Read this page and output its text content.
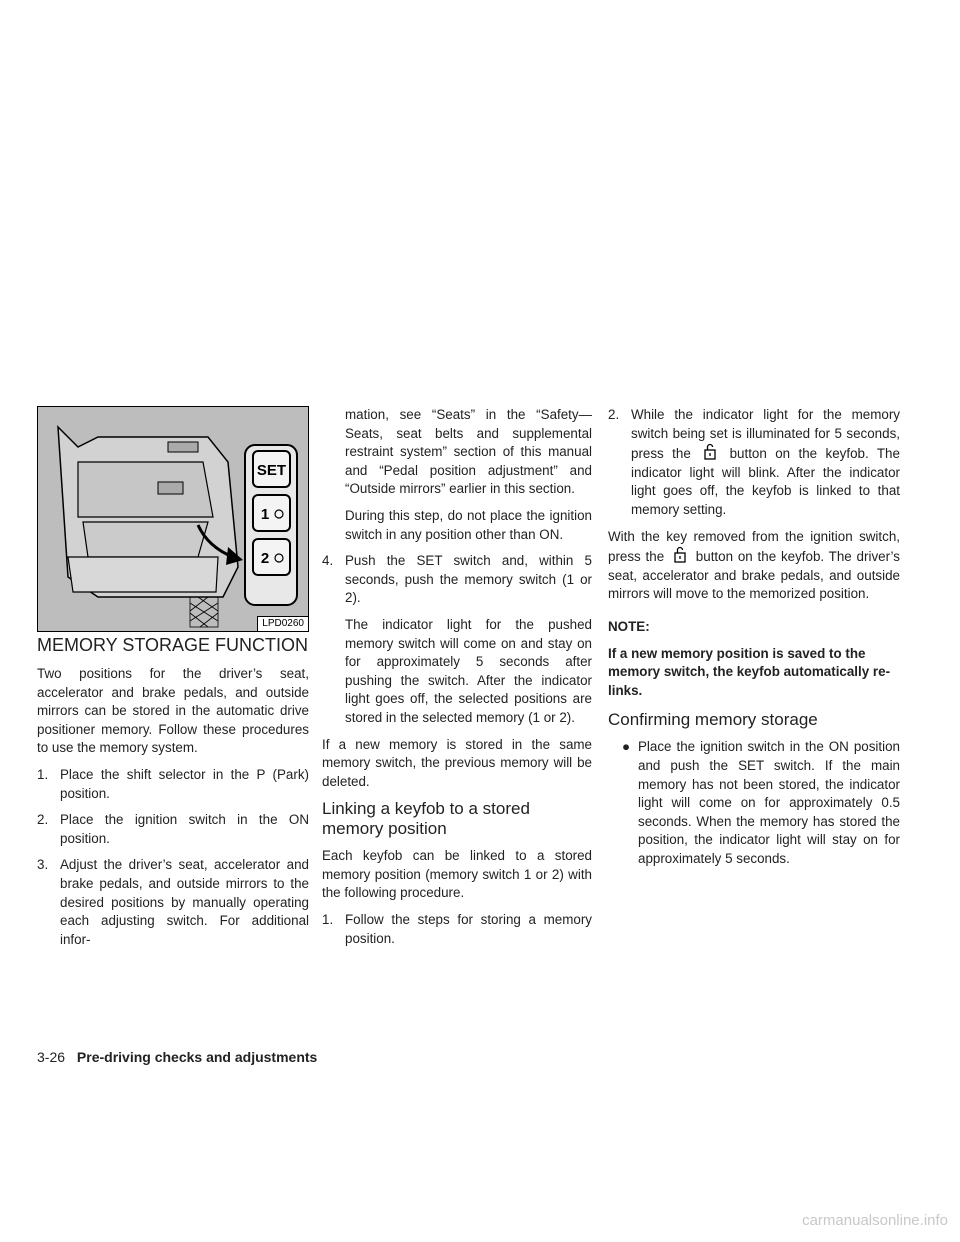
SET
1
2
LPD0260
MEMORY STORAGE FUNCTION

Two positions for the driver’s seat, accelerator and brake pedals, and outside mirrors can be stored in the automatic drive positioner memory. Follow these procedures to use the memory system.

1. Place the shift selector in the P (Park) position.
2. Place the ignition switch in the ON position.
3. Adjust the driver’s seat, accelerator and brake pedals, and outside mirrors to the desired positions by manually operating each adjusting switch. For additional infor-
mation, see “Seats” in the “Safety—Seats, seat belts and supplemental restraint system” section of this manual and “Pedal position adjustment” and “Outside mirrors” earlier in this section.
During this step, do not place the ignition switch in any position other than ON.
4. Push the SET switch and, within 5 seconds, push the memory switch (1 or 2).
The indicator light for the pushed memory switch will come on and stay on for approximately 5 seconds after pushing the switch. After the indicator light goes off, the selected positions are stored in the selected memory (1 or 2).

If a new memory is stored in the same memory switch, the previous memory will be deleted.

Linking a keyfob to a stored memory position

Each keyfob can be linked to a stored memory position (memory switch 1 or 2) with the following procedure.

1. Follow the steps for storing a memory position.
2. While the indicator light for the memory switch being set is illuminated for 5 seconds, press the	button on the keyfob. The indicator light will blink. After the indicator light goes off, the keyfob is linked to that memory setting.

With the key removed from the ignition switch, press the button on the keyfob. The driver’s seat, accelerator and brake pedals, and outside mirrors will move to the memorized position.

NOTE:
If a new memory position is saved to the memory switch, the keyfob automatically re-links.
Confirming memory storage
● Place the ignition switch in the ON position and push the SET switch. If the main memory has not been stored, the indicator light will come on for approximately 0.5 seconds. When the memory has stored the position, the indicator light will stay on for approximately 5 seconds.
3-26 Pre-driving checks and adjustments
carmanualsonline.info
